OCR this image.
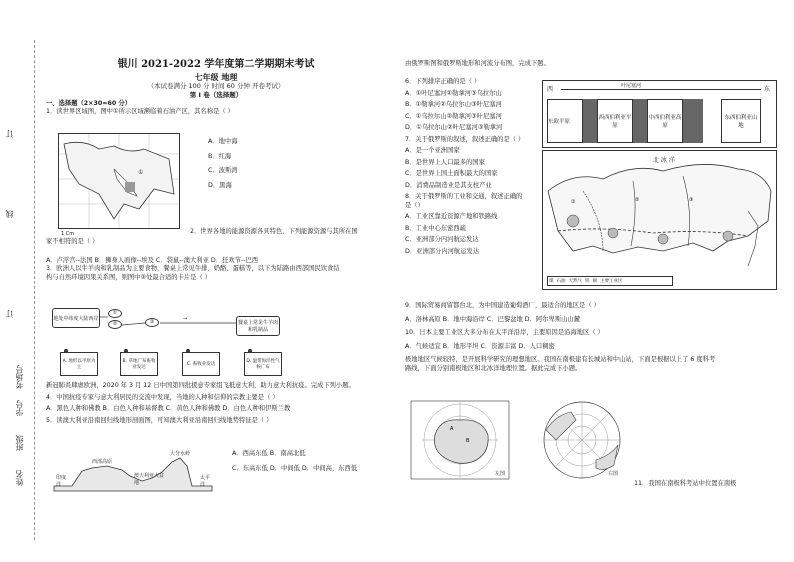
订
线
订
姓名
班级
学号
考场号

银川 2021-2022 学年度第二学期期末考试

七年级 地理

（本试卷满分 100 分 时间 60 分钟 开卷考试）

第 I 卷（选择题）

一、选择题（2×30=60 分）

1．读世界区域图，图中①所示区域濒临着石油产区，其名称是（ ）

①
1 Cm

A．地中海

B．红海

C．波斯湾

D．黑海

2．世界各地的能源资源各具特色，下列能源资源与其所在国

家不相符的是（ ）

A．卢浮宫--法国 B．狮身人面像--埃及 C．袋鼠--澳大利亚 D．狂欢节--巴西

3．欧洲人以牛羊肉和乳制品为主要食物，餐桌上常见牛排、奶酪、蛋糕等，以下为陆路由西部国民饮食结

构与自然环境因果关系图，则图中②处最合适的卡片是（ ）

地处中纬度大陆西岸
①
②	③	→
餐桌上常见牛羊肉和乳制品
A. 地形以平原为主
B. 草地广布畜牧业发达
C. 畜牧业发达
D. 温带海洋性气候广布

新冠肺炎肆虐欧洲，2020 年 3 月 12 日中国第四批援意专家组飞抵意大利，助力意大利抗疫。完成下列小题。

4．中国抗疫专家与意大利居民的交流中发现，当地的人种和信仰的宗教主要是（ ）

A．黑色人种和佛教 B．白色人种和基督教 C．黄色人种和佛教 D．白色人种和伊斯兰教

5．读澳大利亚沿南回归线地形剖面图，可知澳大利亚沿南回归线地势特征是（ ）

印度洋
西部高原
大分水岭
澳大利亚大盆地
太平洋

A．西高东低 B．南高北低

C．东高东低 D．中间低 D．中间高，东西低

由俄罗斯图和俄罗斯地形和河流分布图，完成下题。

6．下列排序正确的是（ ）

A．①叶尼塞河②勒拿河③乌拉尔山

B．①勒拿河②乌拉尔山③叶尼塞河

C．①乌拉尔山②勒拿河③叶尼塞河

D．①乌拉尔山②叶尼塞河③勒拿河

7．关于俄罗斯的叙述，叙述正确的是（ ）

A．是一个亚洲国家

B．是世界上人口最多的国家

C．是世界上国土面积最大的国家

D．消费品制造业是其支柱产业

8．关于俄罗斯的工业和交通，叙述正确的

是（）

A．工业区靠近资源产地和铁路线

B．工业中心东密西疏

C．亚洲部分内河航运发达

D．亚洲部分内河航运发达

西	东
叶尼塞河
东欧平原
西西伯利亚平原
中西伯利亚高原
东西伯利亚山地
①	②	③
北 冰 洋
煤 石油 天然气 铁 铜 主要工业区

9．国际贸易商留都台北，为中国建造葡萄酒厂，最适合的地区是（ ）

A．洛林高原 B．地中海沿岸 C．巴黎盆地 D．阿尔卑斯山山麓

10．日本主要工业区大多分布在太平洋沿岸，主要原因是沿海地区（ ）

A．气候适宜 B．地形平坦 C．资源丰富 D．人口稠密

极地地区气候较特，是开展科学研究的理想地区。我国在南极建有长城站和中山站，下面是根据以上了 6 度科考

路线，下面分别南极地区和北冰洋地理位置。据此完成下小题。

B
A
左图	右图

11．我国在南极科考站中位置在南极
